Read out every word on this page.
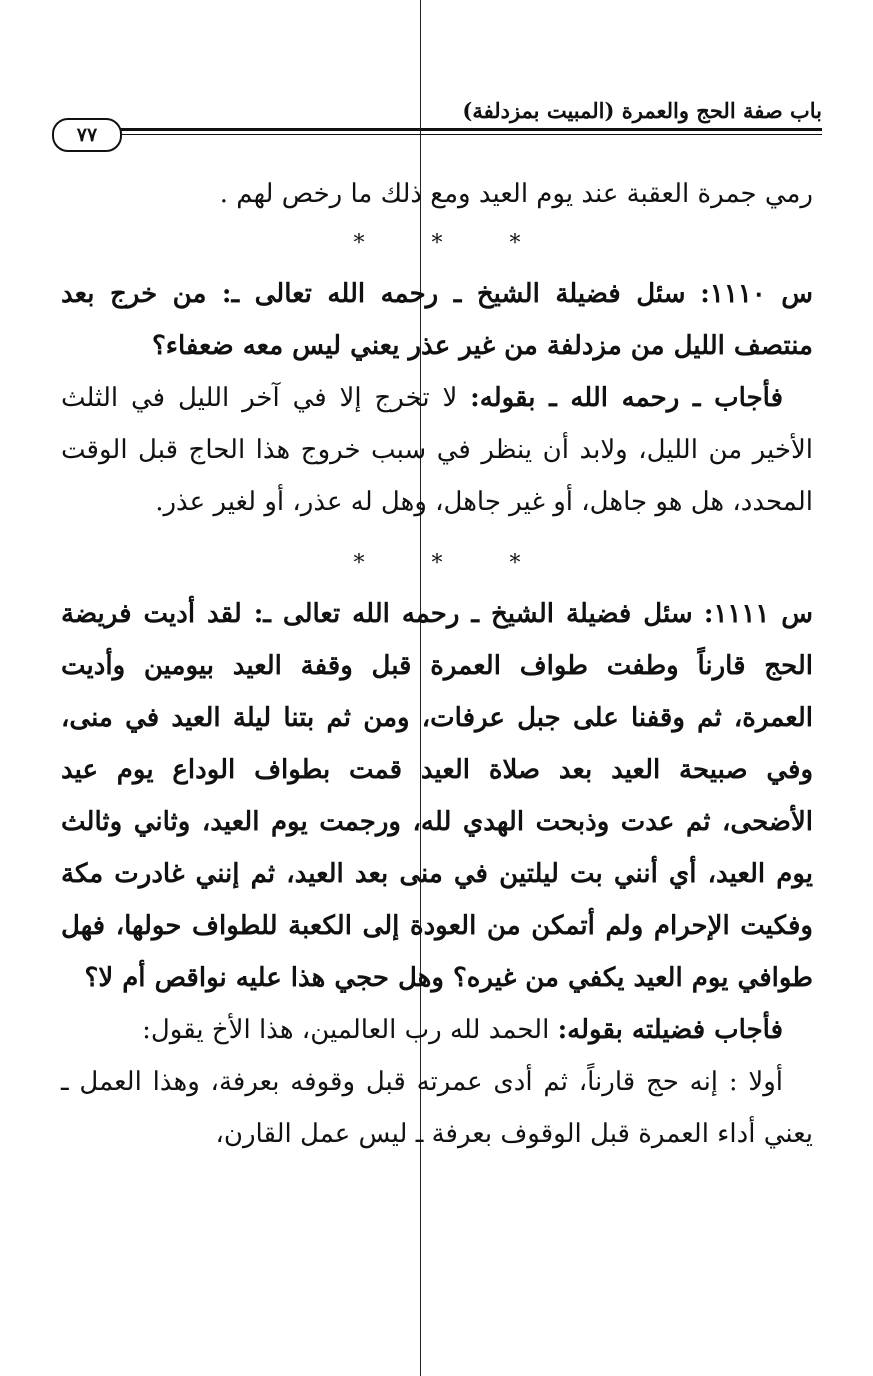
باب صفة الحج والعمرة (المبيت بمزدلفة)
٧٧

رمي جمرة العقبة عند يوم العيد ومع ذلك ما رخص لهم .

* * *

س ١١١٠: سئل فضيلة الشيخ ـ رحمه الله تعالى ـ: من خرج بعد منتصف الليل من مزدلفة من غير عذر يعني ليس معه ضعفاء؟

فأجاب ـ رحمه الله ـ بقوله: لا تخرج إلا في آخر الليل في الثلث الأخير من الليل، ولابد أن ينظر في سبب خروج هذا الحاج قبل الوقت المحدد، هل هو جاهل، أو غير جاهل، وهل له عذر، أو لغير عذر.

* * *

س ١١١١: سئل فضيلة الشيخ ـ رحمه الله تعالى ـ: لقد أديت فريضة الحج قارناً وطفت طواف العمرة قبل وقفة العيد بيومين وأديت العمرة، ثم وقفنا على جبل عرفات، ومن ثم بتنا ليلة العيد في منى، وفي صبيحة العيد بعد صلاة العيد قمت بطواف الوداع يوم عيد الأضحى، ثم عدت وذبحت الهدي لله، ورجمت يوم العيد، وثاني وثالث يوم العيد، أي أنني بت ليلتين في منى بعد العيد، ثم إنني غادرت مكة وفكيت الإحرام ولم أتمكن من العودة إلى الكعبة للطواف حولها، فهل طوافي يوم العيد يكفي من غيره؟ وهل حجي هذا عليه نواقص أم لا؟

فأجاب فضيلته بقوله: الحمد لله رب العالمين، هذا الأخ يقول:

أولا : إنه حج قارناً، ثم أدى عمرته قبل وقوفه بعرفة، وهذا العمل ـ يعني أداء العمرة قبل الوقوف بعرفة ـ ليس عمل القارن،
